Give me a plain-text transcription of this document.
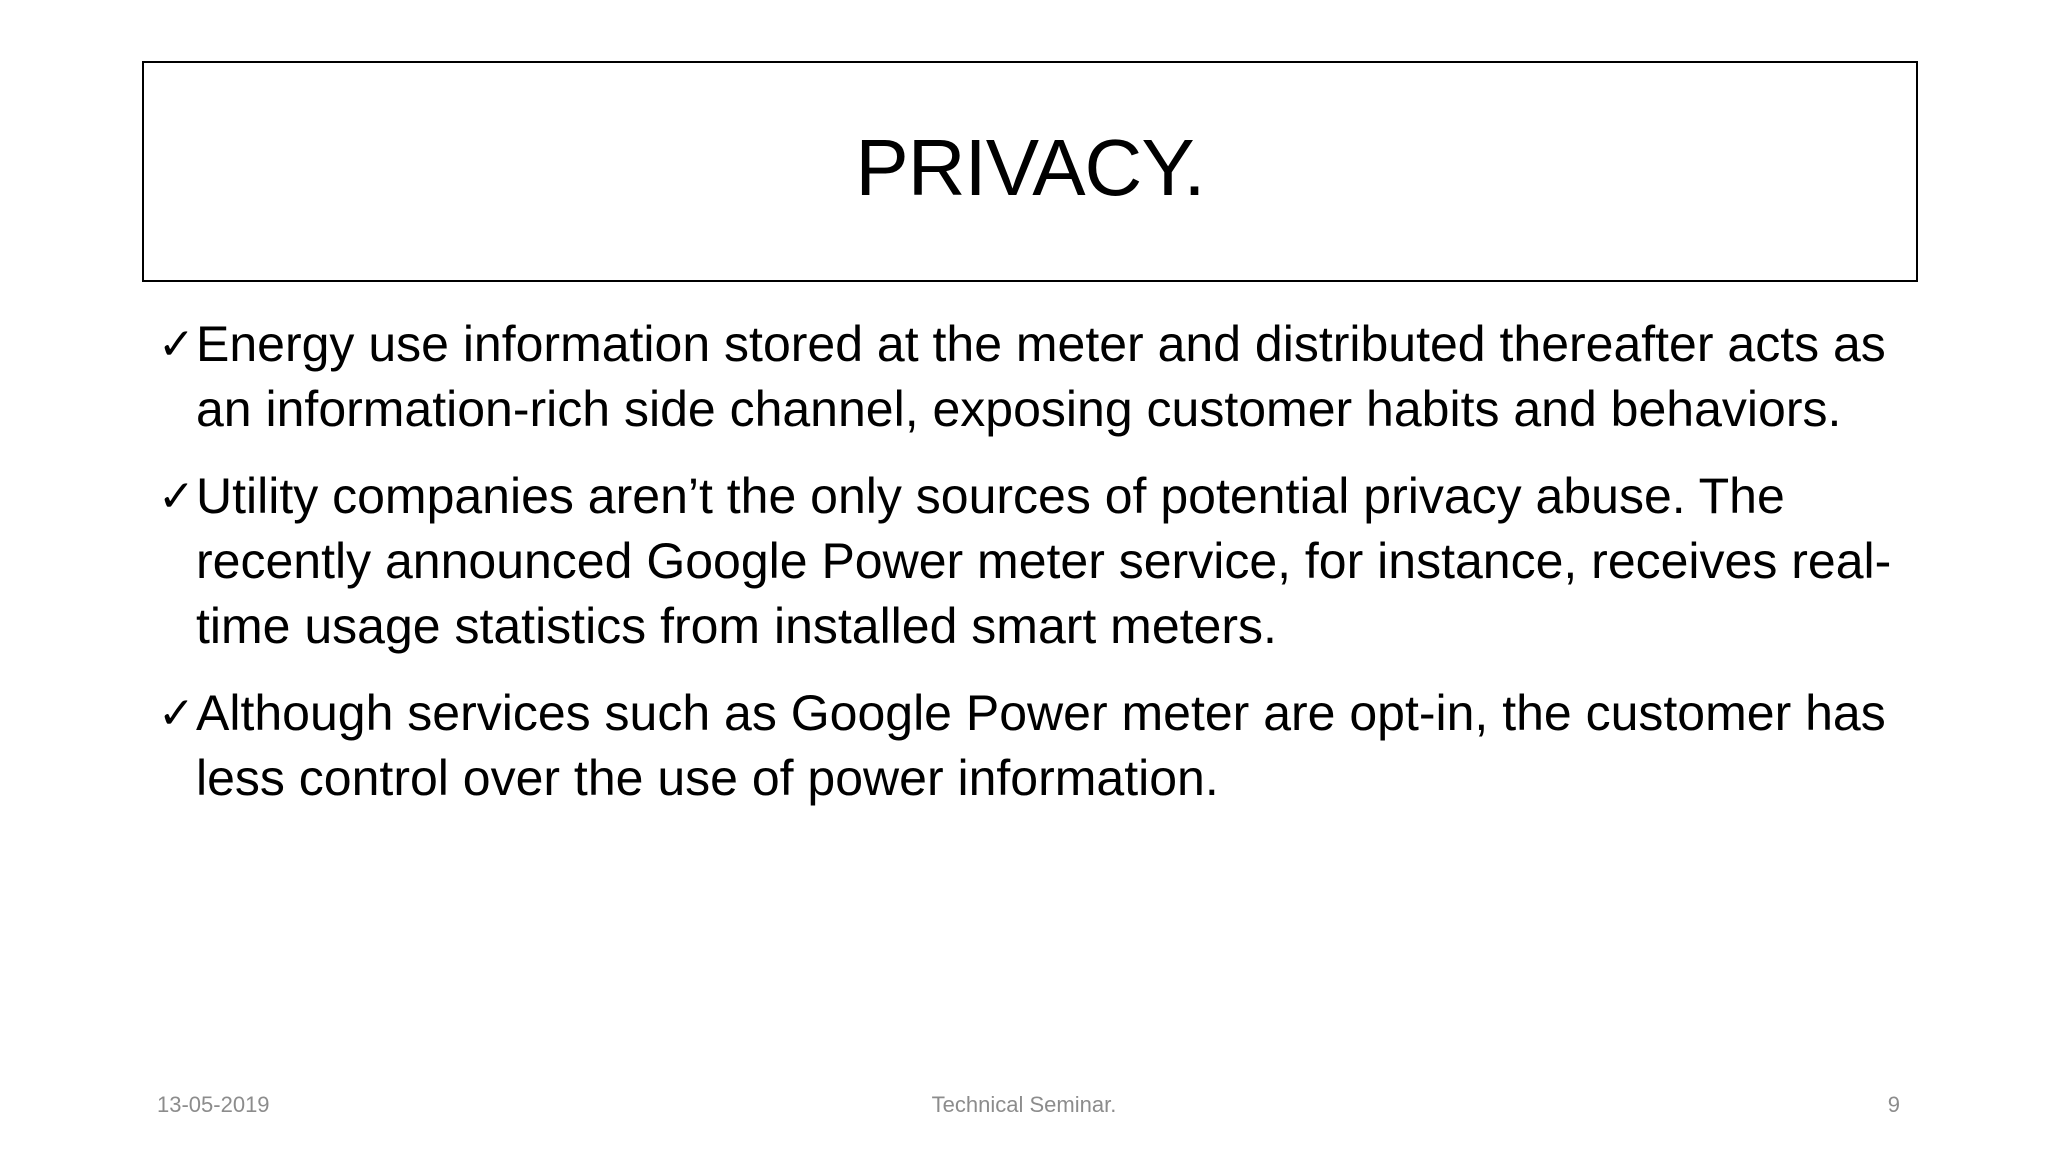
PRIVACY.
✓ Energy use information stored at the meter and distributed thereafter acts as an information-rich side channel, exposing customer habits and behaviors.
✓ Utility companies aren’t the only sources of potential privacy abuse. The recently announced Google Power meter service, for instance, receives real-time usage statistics from installed smart meters.
✓ Although services such as Google Power meter are opt-in, the customer has less control over the use of power information.
13-05-2019	Technical Seminar.	9
